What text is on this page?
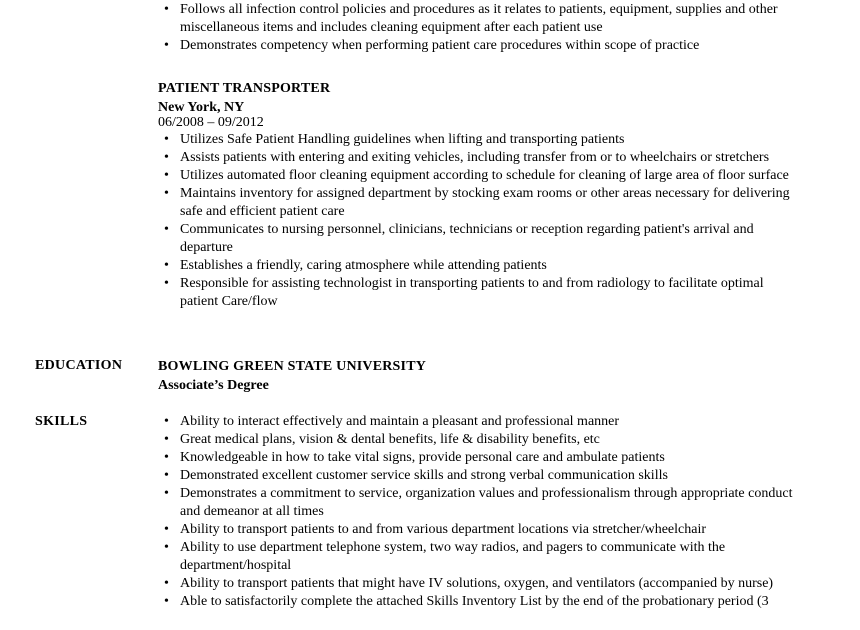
• Follows all infection control policies and procedures as it relates to patients, equipment, supplies and other miscellaneous items and includes cleaning equipment after each patient use
• Demonstrates competency when performing patient care procedures within scope of practice
PATIENT TRANSPORTER
New York, NY
06/2008 – 09/2012
• Utilizes Safe Patient Handling guidelines when lifting and transporting patients
• Assists patients with entering and exiting vehicles, including transfer from or to wheelchairs or stretchers
• Utilizes automated floor cleaning equipment according to schedule for cleaning of large area of floor surface
• Maintains inventory for assigned department by stocking exam rooms or other areas necessary for delivering safe and efficient patient care
• Communicates to nursing personnel, clinicians, technicians or reception regarding patient's arrival and departure
• Establishes a friendly, caring atmosphere while attending patients
• Responsible for assisting technologist in transporting patients to and from radiology to facilitate optimal patient Care/flow
EDUCATION	BOWLING GREEN STATE UNIVERSITY
Associate’s Degree
SKILLS
•	Ability to interact effectively and maintain a pleasant and professional manner
• Great medical plans, vision & dental benefits, life & disability benefits, etc
• Knowledgeable in how to take vital signs, provide personal care and ambulate patients
• Demonstrated excellent customer service skills and strong verbal communication skills
• Demonstrates a commitment to service, organization values and professionalism through appropriate conduct and demeanor at all times
• Ability to transport patients to and from various department locations via stretcher/wheelchair
• Ability to use department telephone system, two way radios, and pagers to communicate with the department/hospital
• Ability to transport patients that might have IV solutions, oxygen, and ventilators (accompanied by nurse)
• Able to satisfactorily complete the attached Skills Inventory List by the end of the probationary period (3
